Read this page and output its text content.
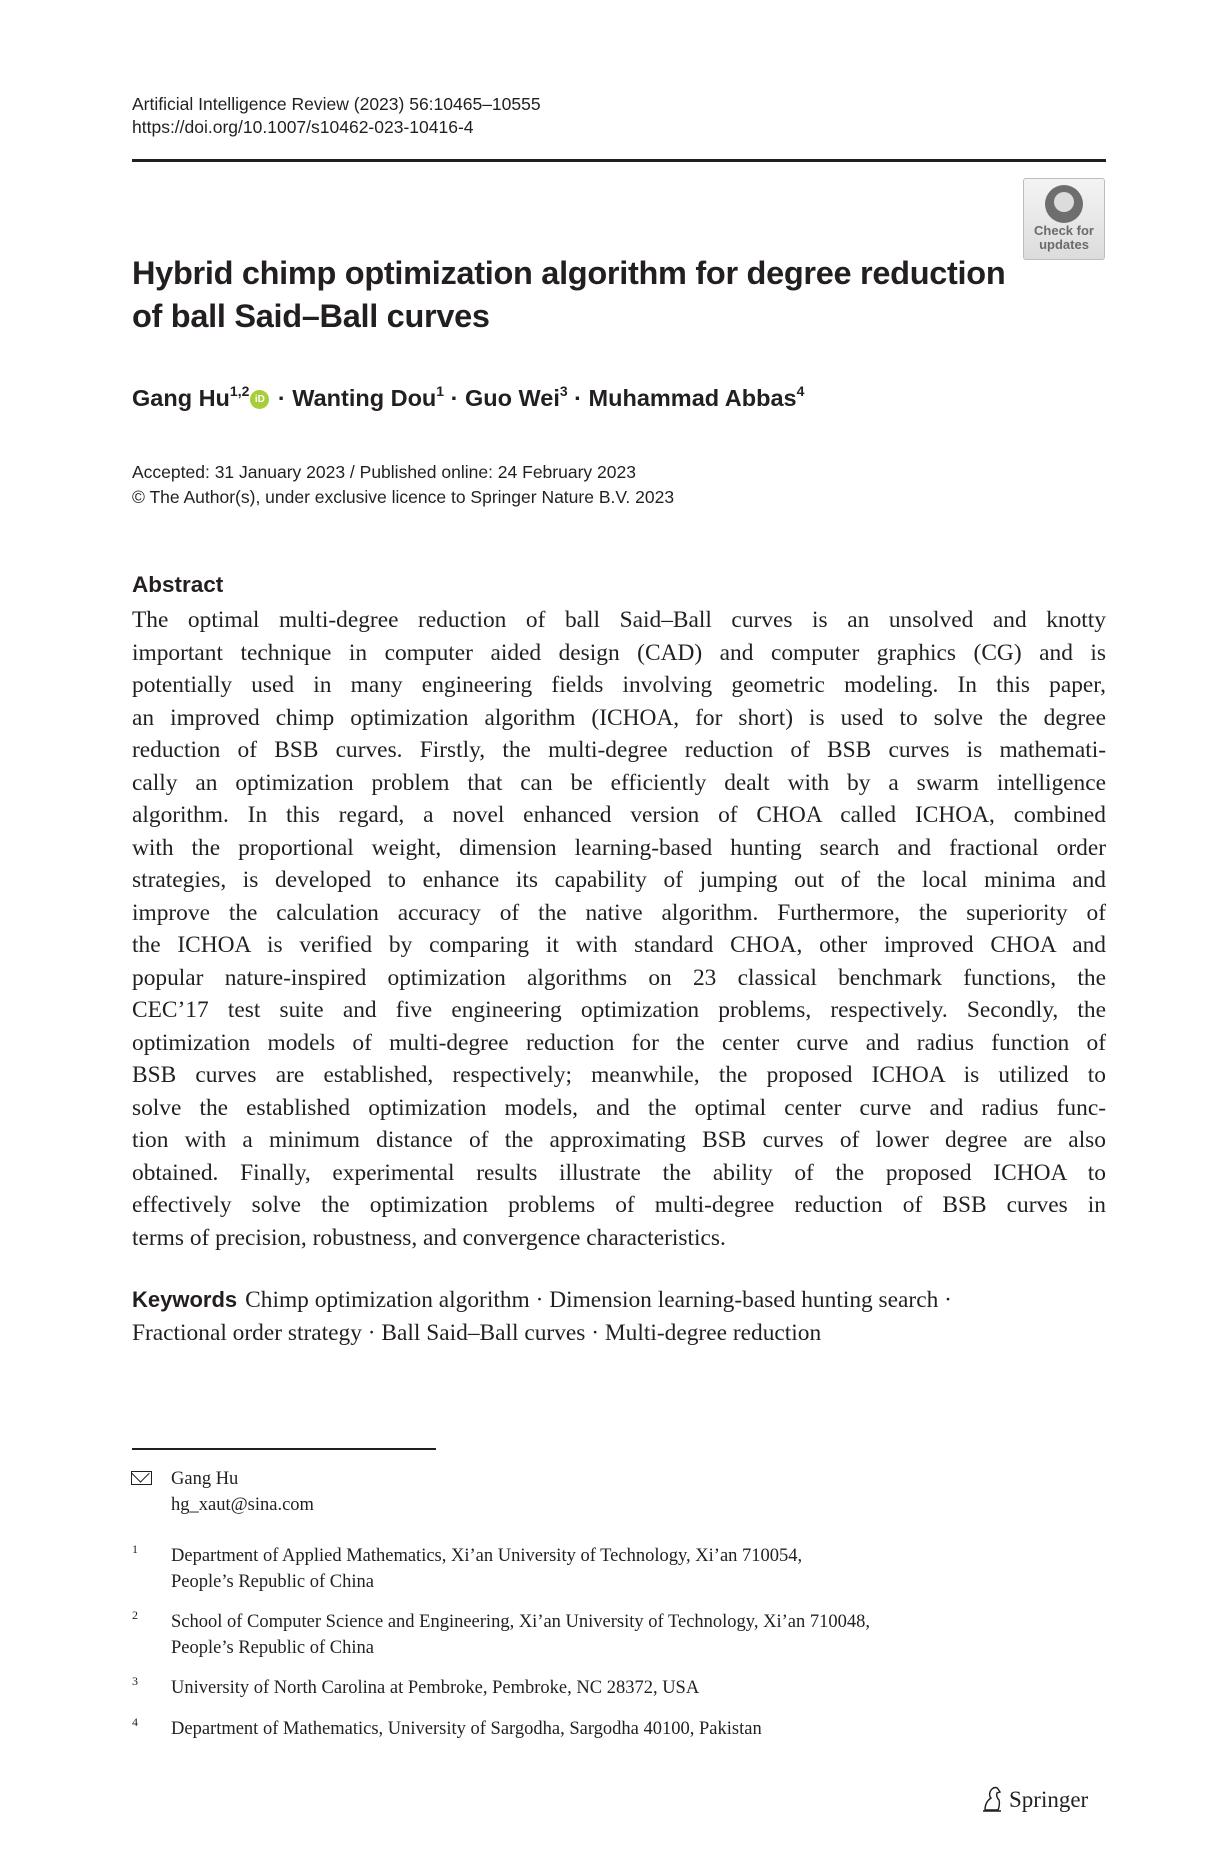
Artificial Intelligence Review (2023) 56:10465–10555
https://doi.org/10.1007/s10462-023-10416-4
Check for
updates
Hybrid chimp optimization algorithm for degree reduction
of ball Said–Ball curves
Gang Hu$^{1,2}$iD · Wanting Dou$^1$ · Guo Wei$^3$ · Muhammad Abbas$^4$
Accepted: 31 January 2023 / Published online: 24 February 2023
© The Author(s), under exclusive licence to Springer Nature B.V. 2023
Abstract
The optimal multi-degree reduction of ball Said–Ball curves is an unsolved and knotty
important technique in computer aided design (CAD) and computer graphics (CG) and is
potentially used in many engineering fields involving geometric modeling. In this paper,
an improved chimp optimization algorithm (ICHOA, for short) is used to solve the degree
reduction of BSB curves. Firstly, the multi-degree reduction of BSB curves is mathemati-
cally an optimization problem that can be efficiently dealt with by a swarm intelligence
algorithm. In this regard, a novel enhanced version of CHOA called ICHOA, combined
with the proportional weight, dimension learning-based hunting search and fractional order
strategies, is developed to enhance its capability of jumping out of the local minima and
improve the calculation accuracy of the native algorithm. Furthermore, the superiority of
the ICHOA is verified by comparing it with standard CHOA, other improved CHOA and
popular nature-inspired optimization algorithms on 23 classical benchmark functions, the
CEC’17 test suite and five engineering optimization problems, respectively. Secondly, the
optimization models of multi-degree reduction for the center curve and radius function of
BSB curves are established, respectively; meanwhile, the proposed ICHOA is utilized to
solve the established optimization models, and the optimal center curve and radius func-
tion with a minimum distance of the approximating BSB curves of lower degree are also
obtained. Finally, experimental results illustrate the ability of the proposed ICHOA to
effectively solve the optimization problems of multi-degree reduction of BSB curves in
terms of precision, robustness, and convergence characteristics.
Keywords Chimp optimization algorithm · Dimension learning-based hunting search ·
Fractional order strategy · Ball Said–Ball curves · Multi-degree reduction
Gang Hu
hg_xaut@sina.com
1 Department of Applied Mathematics, Xi’an University of Technology, Xi’an 710054,
People’s Republic of China
2 School of Computer Science and Engineering, Xi’an University of Technology, Xi’an 710048,
People’s Republic of China
3 University of North Carolina at Pembroke, Pembroke, NC 28372, USA
4 Department of Mathematics, University of Sargodha, Sargodha 40100, Pakistan
Springer
